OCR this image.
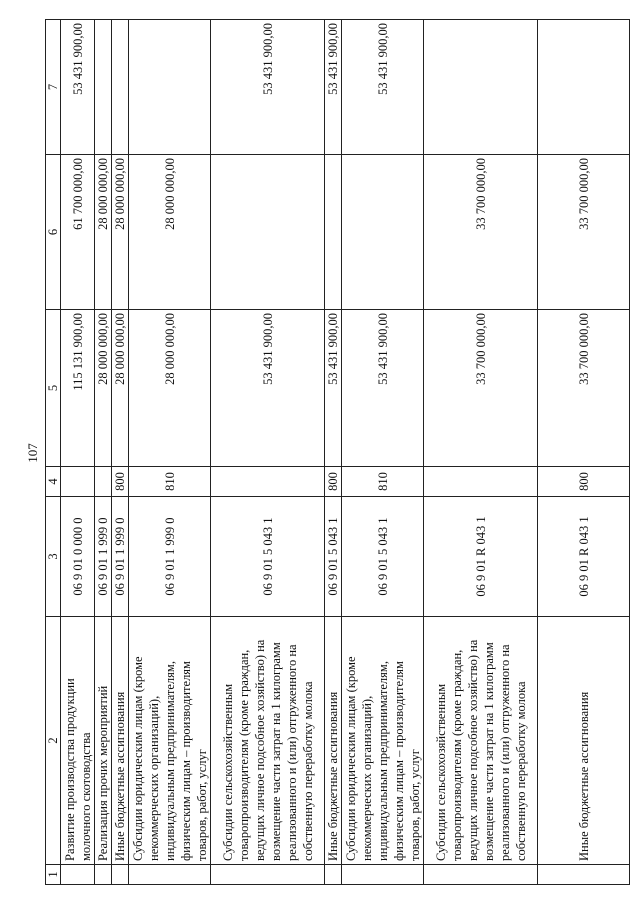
107
1	2	3	4	5	6	7
	Развитие производства продукции молочного скотоводства	06 9 01 0 000 0		115 131 900,00	61 700 000,00	53 431 900,00
	Реализация прочих мероприятий	06 9 01 1 999 0		28 000 000,00	28 000 000,00	
	Иные бюджетные ассигнования	06 9 01 1 999 0	800	28 000 000,00	28 000 000,00	
	Субсидии юридическим лицам (кроме некоммерческих организаций), индивидуальным предпринимателям, физическим лицам – производителям товаров, работ, услуг	06 9 01 1 999 0	810	28 000 000,00	28 000 000,00	
	Субсидии сельскохозяйственным товаропроизводителям (кроме граждан, ведущих личное подсобное хозяйство) на возмещение части затрат на 1 килограмм реализованного и (или) отгруженного на собственную переработку молока	06 9 01 5 043 1		53 431 900,00		53 431 900,00
	Иные бюджетные ассигнования	06 9 01 5 043 1	800	53 431 900,00		53 431 900,00
	Субсидии юридическим лицам (кроме некоммерческих организаций), индивидуальным предпринимателям, физическим лицам – производителям товаров, работ, услуг	06 9 01 5 043 1	810	53 431 900,00		53 431 900,00
	Субсидии сельскохозяйственным товаропроизводителям (кроме граждан, ведущих личное подсобное хозяйство) на возмещение части затрат на 1 килограмм реализованного и (или) отгруженного на собственную переработку молока	06 9 01 R 043 1		33 700 000,00	33 700 000,00	
	Иные бюджетные ассигнования	06 9 01 R 043 1	800	33 700 000,00	33 700 000,00	
